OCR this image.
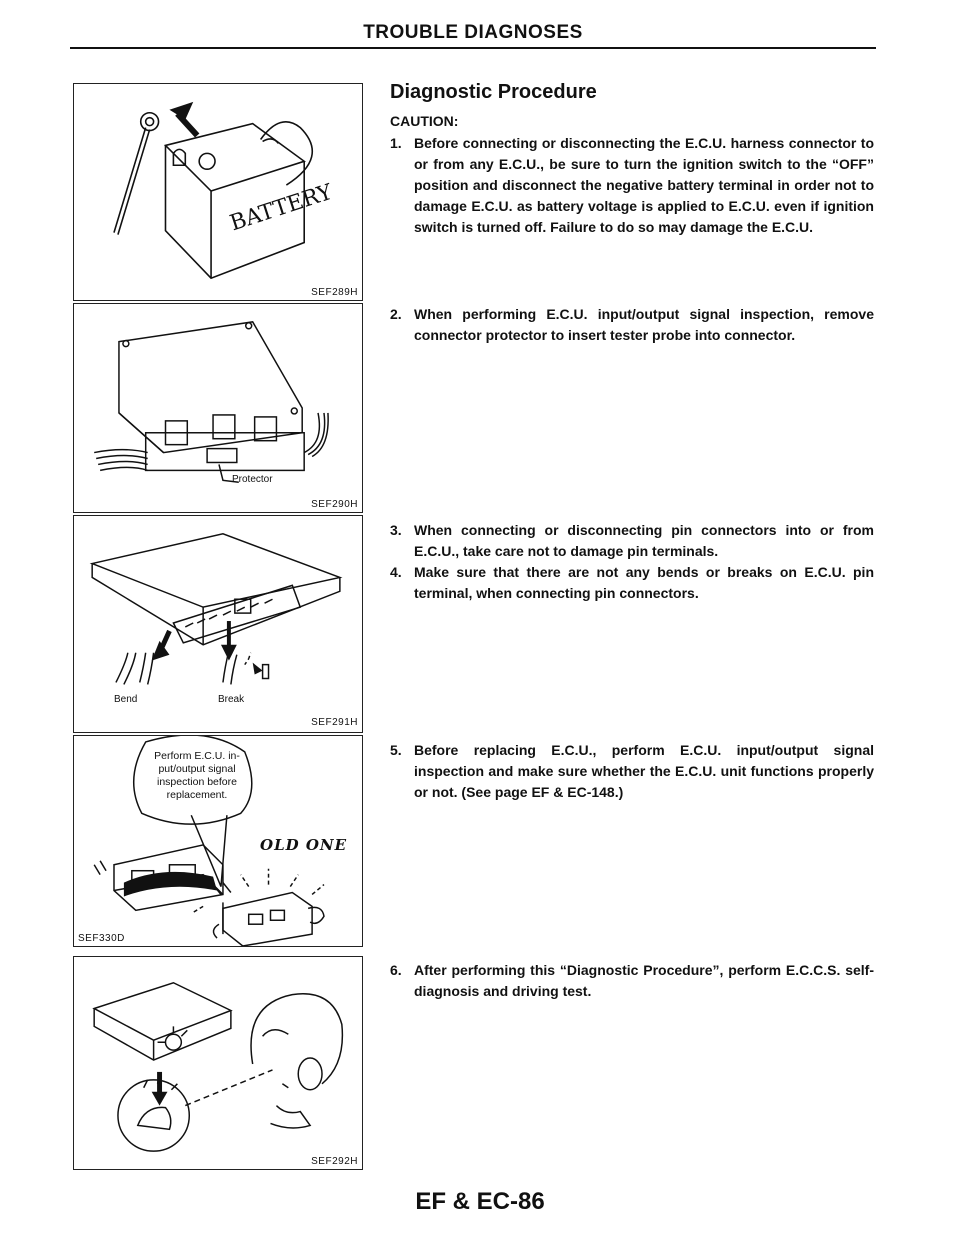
TROUBLE DIAGNOSES
BATTERY
SEF289H
Protector
SEF290H
Bend	Break
SEF291H
Perform E.C.U. in-
put/output signal
inspection before
replacement.
OLD ONE
SEF330D
SEF292H
Diagnostic Procedure
CAUTION:
1. Before connecting or disconnecting the E.C.U. harness connector to or from any E.C.U., be sure to turn the ignition switch to the “OFF” position and disconnect the negative battery terminal in order not to damage E.C.U. as battery voltage is applied to E.C.U. even if ignition switch is turned off. Failure to do so may damage the E.C.U.
2. When performing E.C.U. input/output signal inspection, remove connector protector to insert tester probe into connector.
3. When connecting or disconnecting pin connectors into or from E.C.U., take care not to damage pin terminals.
4. Make sure that there are not any bends or breaks on E.C.U. pin terminal, when connecting pin connectors.
5. Before replacing E.C.U., perform E.C.U. input/output signal inspection and make sure whether the E.C.U. unit functions properly or not. (See page EF & EC-148.)
6. After performing this “Diagnostic Procedure”, perform E.C.C.S. self-diagnosis and driving test.
EF & EC-86
